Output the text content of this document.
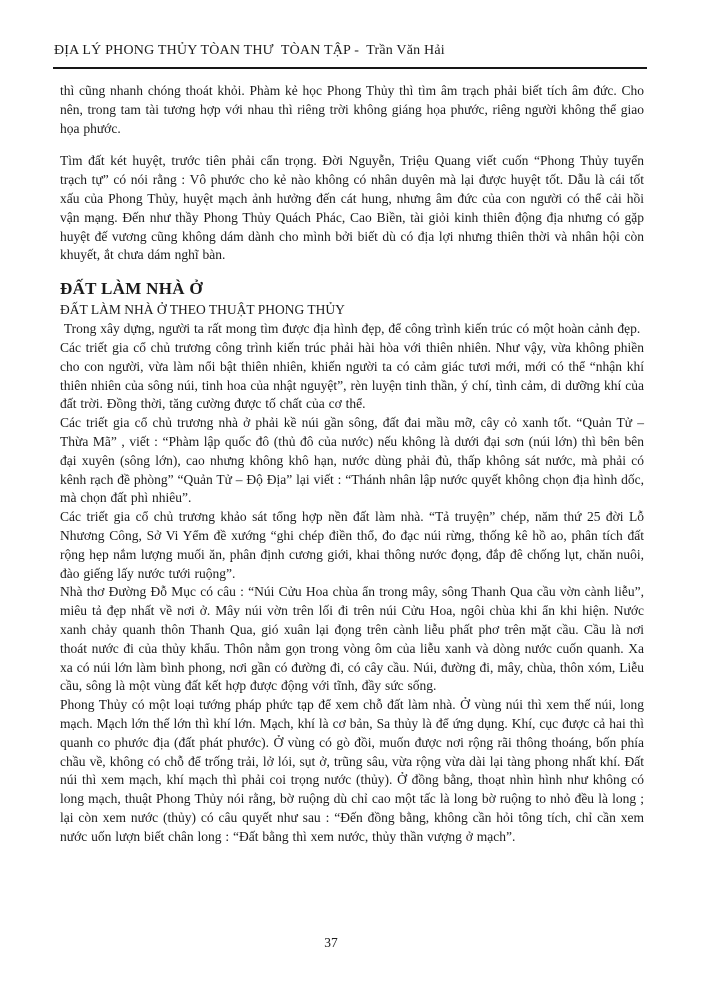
ĐỊA LÝ PHONG THỦY TÒAN THƯ  TÒAN TẬP -  Trần Văn Hải

thì cũng nhanh chóng thoát khỏi. Phàm kẻ học Phong Thủy thì tìm âm trạch phải biết tích âm đức. Cho nên, trong tam tài tương hợp với nhau thì riêng trời không giáng họa phước, riêng người không thể giao họa phước.

Tìm đất két huyệt, trước tiên phải cẩn trọng. Đời Nguyễn, Triệu Quang viết cuốn “Phong Thủy tuyển trạch tự” có nói rằng : Vô phước cho kẻ nào không có nhân duyên mà lại được huyệt tốt. Dẫu là cái tốt xấu của Phong Thủy, huyệt mạch ảnh hưởng đến cát hung, nhưng âm đức của con người có thể cải hồi vận mạng. Đến như thầy Phong Thủy Quách Phác, Cao Biền, tài giỏi kinh thiên động địa nhưng có gặp huyệt đế vương cũng không dám dành cho mình bởi biết dù có địa lợi nhưng thiên thời và nhân hội còn khuyết, ắt chưa dám nghĩ bàn.

ĐẤT LÀM NHÀ Ở
ĐẤT LÀM NHÀ Ở THEO THUẬT PHONG THỦY

Trong xây dựng, người ta rất mong tìm được địa hình đẹp, để công trình kiến trúc có một hoàn cảnh đẹp.

Các triết gia cổ chủ trương công trình kiến trúc phải hài hòa với thiên nhiên. Như vậy, vừa không phiền cho con người, vừa làm nổi bật thiên nhiên, khiến người ta có cảm giác tươi mới, mới có thể “nhận khí thiên nhiên của sông núi, tinh hoa của nhật nguyệt”, rèn luyện tinh thần, ý chí, tình cảm, di dưỡng khí của đất trời. Đồng thời, tăng cường được tố chất của cơ thể.

Các triết gia cổ chủ trương nhà ở phải kề núi gần sông, đất đai mầu mỡ, cây cỏ xanh tốt. “Quản Tử – Thừa Mã” , viết : “Phàm lập quốc đô (thủ đô của nước) nếu không là dưới đại sơn (núi lớn) thì bên bên đại xuyên (sông lớn), cao nhưng không khô hạn, nước dùng phải đủ, thấp không sát nước, mà phải có kênh rạch đề phòng” “Quản Tử – Độ Địa” lại viết : “Thánh nhân lập nước quyết không chọn địa hình dốc, mà chọn đất phì nhiêu”.

Các triết gia cổ chủ trương khảo sát tổng hợp nền đất làm nhà. “Tả truyện” chép, năm thứ 25 đời Lỗ Nhương Công, Sở Vi Yểm đề xướng “ghi chép điền thổ, đo đạc núi rừng, thống kê hồ ao, phân tích đất rộng hẹp nắm lượng muối ăn, phân định cương giới, khai thông nước đọng, đắp đê chống lụt, chăn nuôi, đào giếng lấy nước tưới ruộng”.

Nhà thơ Đường Đỗ Mục có câu : “Núi Cửu Hoa chùa ẩn trong mây, sông Thanh Qua cầu vờn cành liễu”, miêu tả đẹp nhất về nơi ở. Mây núi vờn trên lối đi trên núi Cửu Hoa, ngôi chùa khi ẩn khi hiện. Nước xanh chảy quanh thôn Thanh Qua, gió xuân lại đọng trên cành liễu phất phơ trên mặt cầu. Cầu là nơi thoát nước đi của thủy khẩu. Thôn nằm gọn trong vòng ôm của liễu xanh và dòng nước cuốn quanh. Xa xa có núi lớn làm bình phong, nơi gần có đường đi, có cây cầu. Núi, đường đi, mây, chùa, thôn xóm, Liễu cầu, sông là một vùng đất kết hợp được động với tĩnh, đầy sức sống.

Phong Thủy có một loại tướng pháp phức tạp để xem chỗ đất làm nhà. Ở vùng núi thì xem thế núi, long mạch. Mạch lớn thế lớn thì khí lớn. Mạch, khí là cơ bản, Sa thủy là để ứng dụng. Khí, cục được cả hai thì quanh co phước địa (đất phát phước). Ở vùng có gò đồi, muốn được nơi rộng rãi thông thoáng, bốn phía chầu về, không có chỗ để trống trải, lở lói, sụt ở, trũng sâu, vừa rộng vừa dài lại tàng phong nhất khí. Đất núi thì xem mạch, khí mạch thì phải coi trọng nước (thủy). Ở đồng bằng, thoạt nhìn hình như không có long mạch, thuật Phong Thủy nói rằng, bờ ruộng dù chỉ cao một tấc là long bờ ruộng to nhỏ đều là long ; lại còn xem nước (thủy) có câu quyết như sau : “Đến đồng bằng, không cần hỏi tông tích, chỉ cần xem nước uốn lượn biết chân long : “Đất bằng thì xem nước, thủy thần vượng ở mạch”.

37
